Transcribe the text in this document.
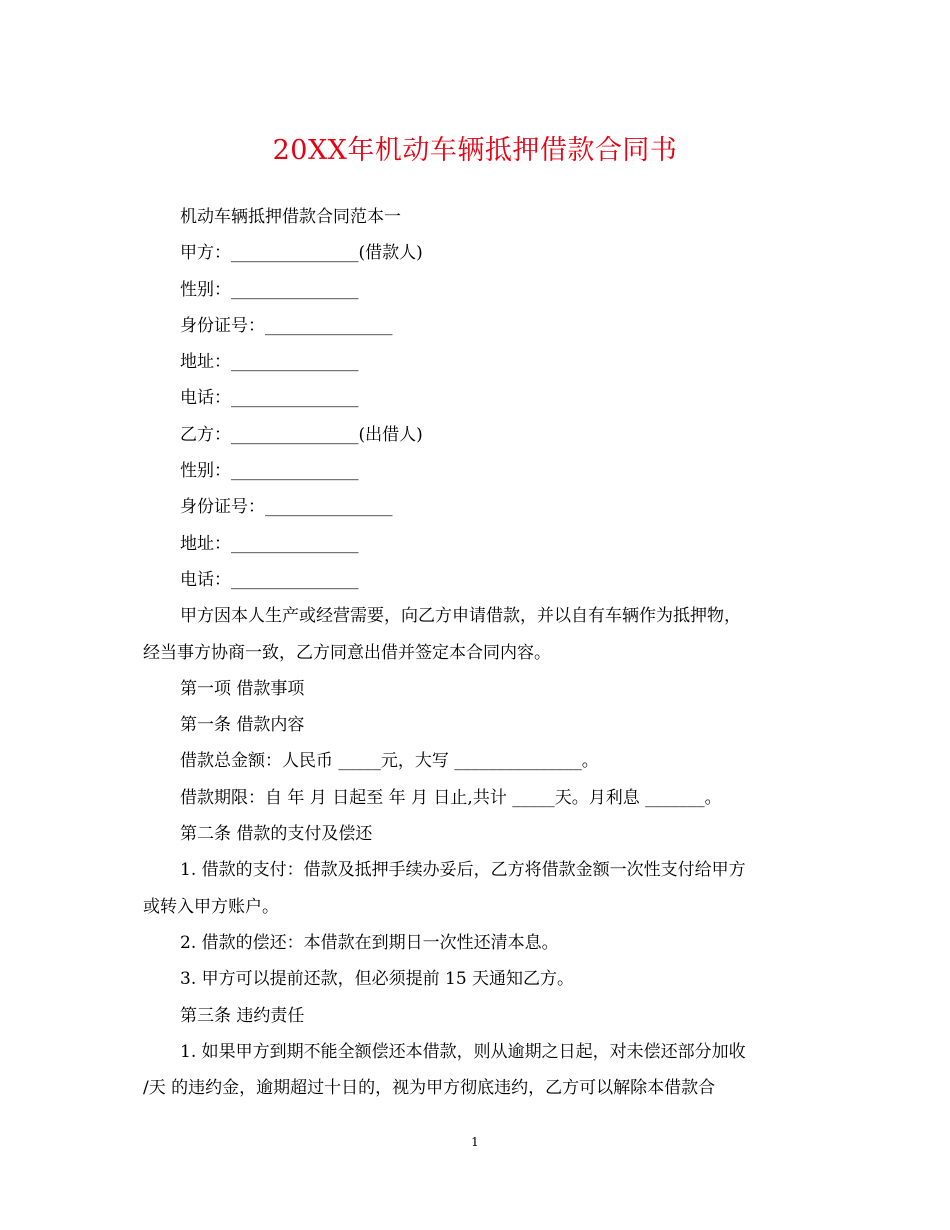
20XX年机动车辆抵押借款合同书
机动车辆抵押借款合同范本一
甲方：_______________(借款人)
性别：_______________
身份证号：_______________
地址：_______________
电话：_______________
乙方：_______________(出借人)
性别：_______________
身份证号：_______________
地址：_______________
电话：_______________
甲方因本人生产或经营需要，向乙方申请借款，并以自有车辆作为抵押物，
经当事方协商一致，乙方同意出借并签定本合同内容。
第一项 借款事项
第一条 借款内容
借款总金额：人民币 _____元，大写 _______________。
借款期限：自 年 月 日起至 年 月 日止,共计 _____天。月利息 _______。
第二条 借款的支付及偿还
1. 借款的支付：借款及抵押手续办妥后，乙方将借款金额一次性支付给甲方
或转入甲方账户。
2. 借款的偿还：本借款在到期日一次性还清本息。
3. 甲方可以提前还款，但必须提前 15 天通知乙方。
第三条 违约责任
1. 如果甲方到期不能全额偿还本借款，则从逾期之日起，对未偿还部分加收
/天 的违约金，逾期超过十日的，视为甲方彻底违约，乙方可以解除本借款合
1
